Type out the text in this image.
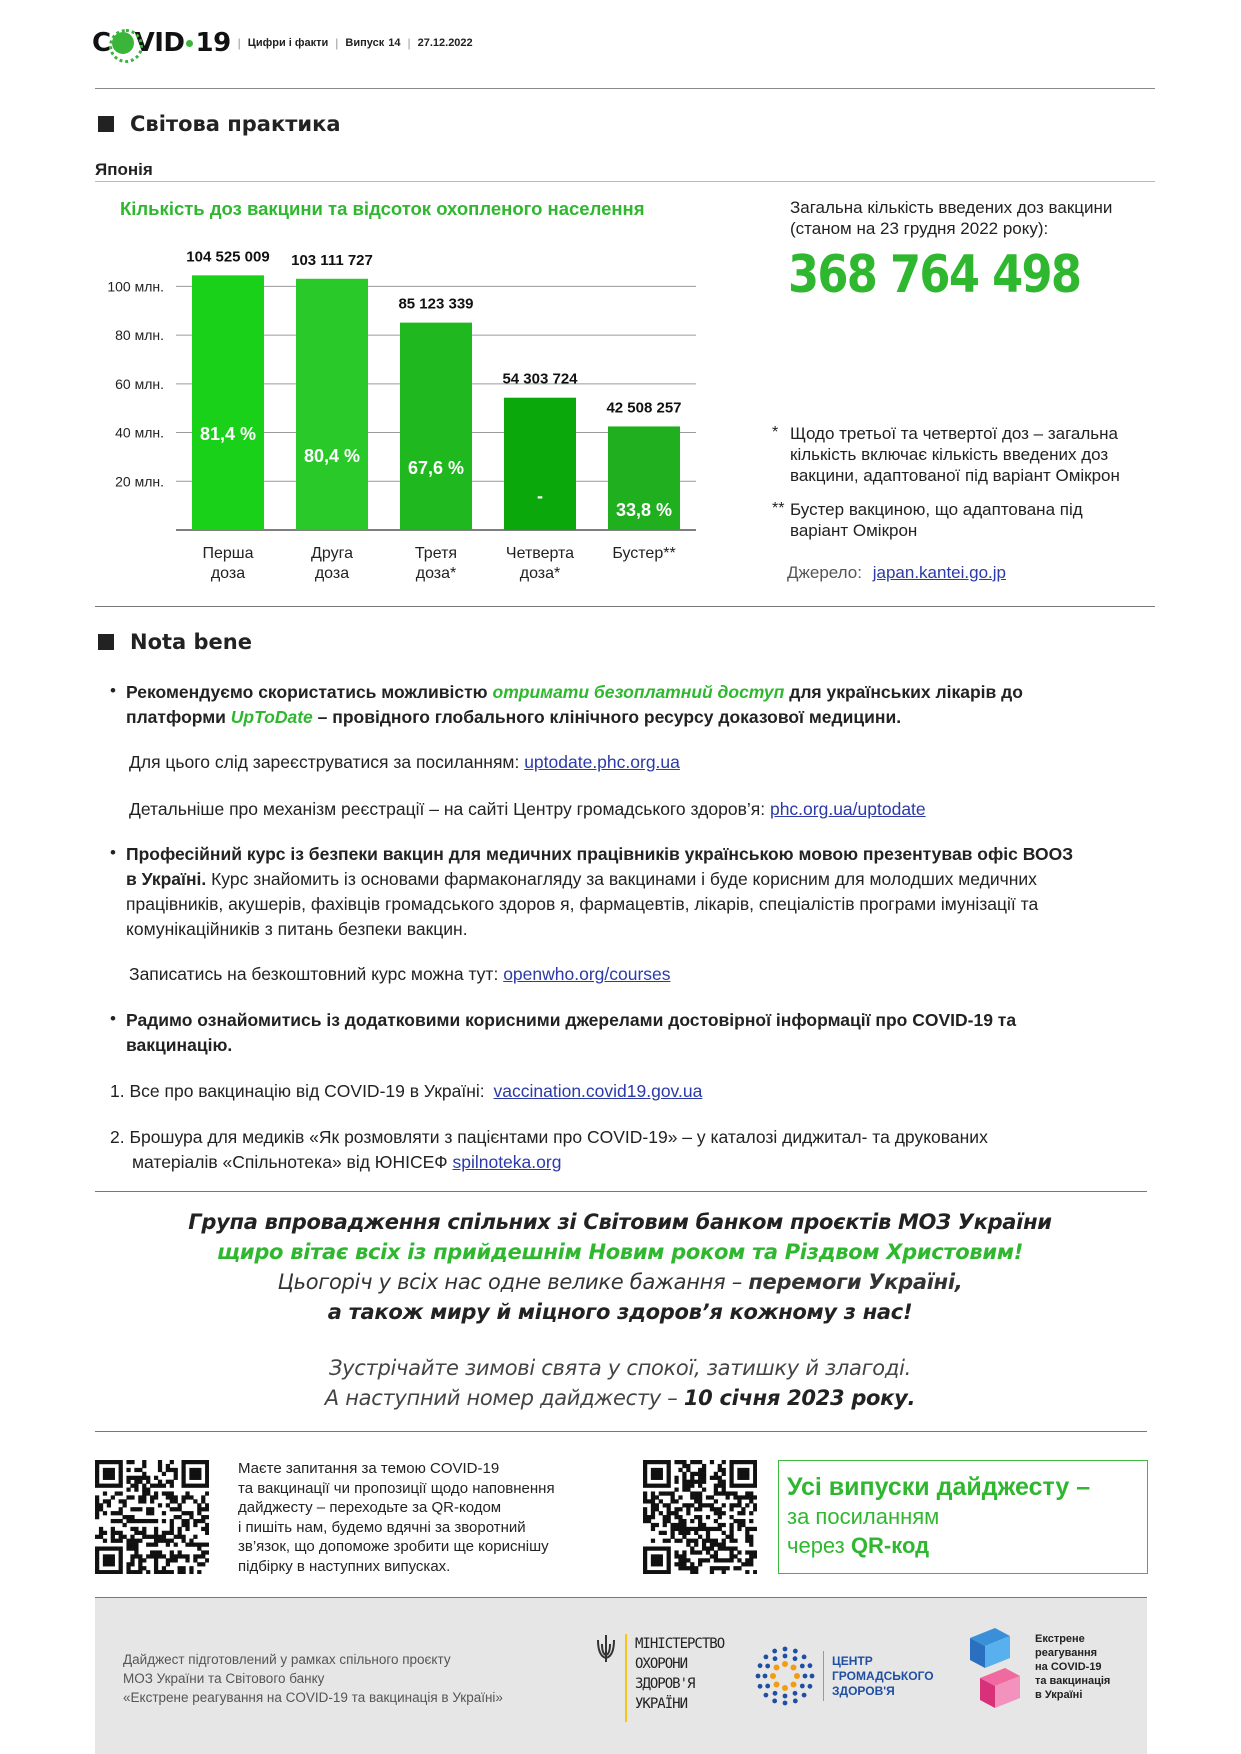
C VID 19 | Цифри і факти | Випуск 14 | 27.12.2022
Світова практика
Японія
Кількість доз вакцини та відсоток охопленого населення
20 млн.
40 млн.
60 млн.
80 млн.
100 млн.
104 525 009
81,4 %
Перша
доза
103 111 727
80,4 %
Друга
доза
85 123 339
67,6 %
Третя
доза*
54 303 724
-
Четверта
доза*
42 508 257
33,8 %
Бустер**
Загальна кількість введених доз вакцини
(станом на 23 грудня 2022 року):
368 764 498
* Щодо третьої та четвертої доз – загальна кількість включає кількість введених доз вакцини, адаптованої під варіант Омікрон
** Бустер вакциною, що адаптована під варіант Омікрон
Джерело: japan.kantei.go.jp
Nota bene
• Рекомендуємо скористатись можливістю отримати безоплатний доступ для українських лікарів до
платформи UpToDate – провідного глобального клінічного ресурсу доказової медицини.
Для цього слід зареєструватися за посиланням: uptodate.phc.org.ua
Детальніше про механізм реєстрації – на сайті Центру громадського здоров’я: phc.org.ua/uptodate
• Професійний курс із безпеки вакцин для медичних працівників українською мовою презентував офіс ВООЗ
в Україні. Курс знайомить із основами фармаконагляду за вакцинами і буде корисним для молодших медичних
працівників, акушерів, фахівців громадського здоров я, фармацевтів, лікарів, спеціалістів програми імунізації та
комунікаційників з питань безпеки вакцин.
Записатись на безкоштовний курс можна тут: openwho.org/courses
• Радимо ознайомитись із додатковими корисними джерелами достовірної інформації про COVID-19 та
вакцинацію.
1. Все про вакцинацію від COVID-19 в Україні: vaccination.covid19.gov.ua
2. Брошура для медиків «Як розмовляти з пацієнтами про COVID-19» – у каталозі диджитал- та друкованих
матеріалів «Спільнотека» від ЮНІСЕФ spilnoteka.org
Група впровадження спільних зі Світовим банком проєктів МОЗ України
щиро вітає всіх із прийдешнім Новим роком та Різдвом Христовим!
Цьогоріч у всіх нас одне велике бажання – перемоги Україні,
а також миру й міцного здоров’я кожному з нас!
Зустрічайте зимові свята у спокої, затишку й злагоді.
А наступний номер дайджесту – 10 січня 2023 року.
Маєте запитання за темою COVID-19
та вакцинації чи пропозиції щодо наповнення
дайджесту – переходьте за QR-кодом
і пишіть нам, будемо вдячні за зворотний
зв’язок, що допоможе зробити ще кориснішу
підбірку в наступних випусках.
Усі випуски дайджесту –
за посиланням
через QR-код
Дайджест підготовлений у рамках спільного проєкту
МОЗ України та Світового банку
«Екстрене реагування на COVID-19 та вакцинація в Україні»
МІНІСТЕРСТВО
ОХОРОНИ
ЗДОРОВ'Я
УКРАЇНИ
ЦЕНТР
ГРОМАДСЬКОГО
ЗДОРОВ'Я
Екстрене
реагування
на COVID-19
та вакцинація
в Україні
